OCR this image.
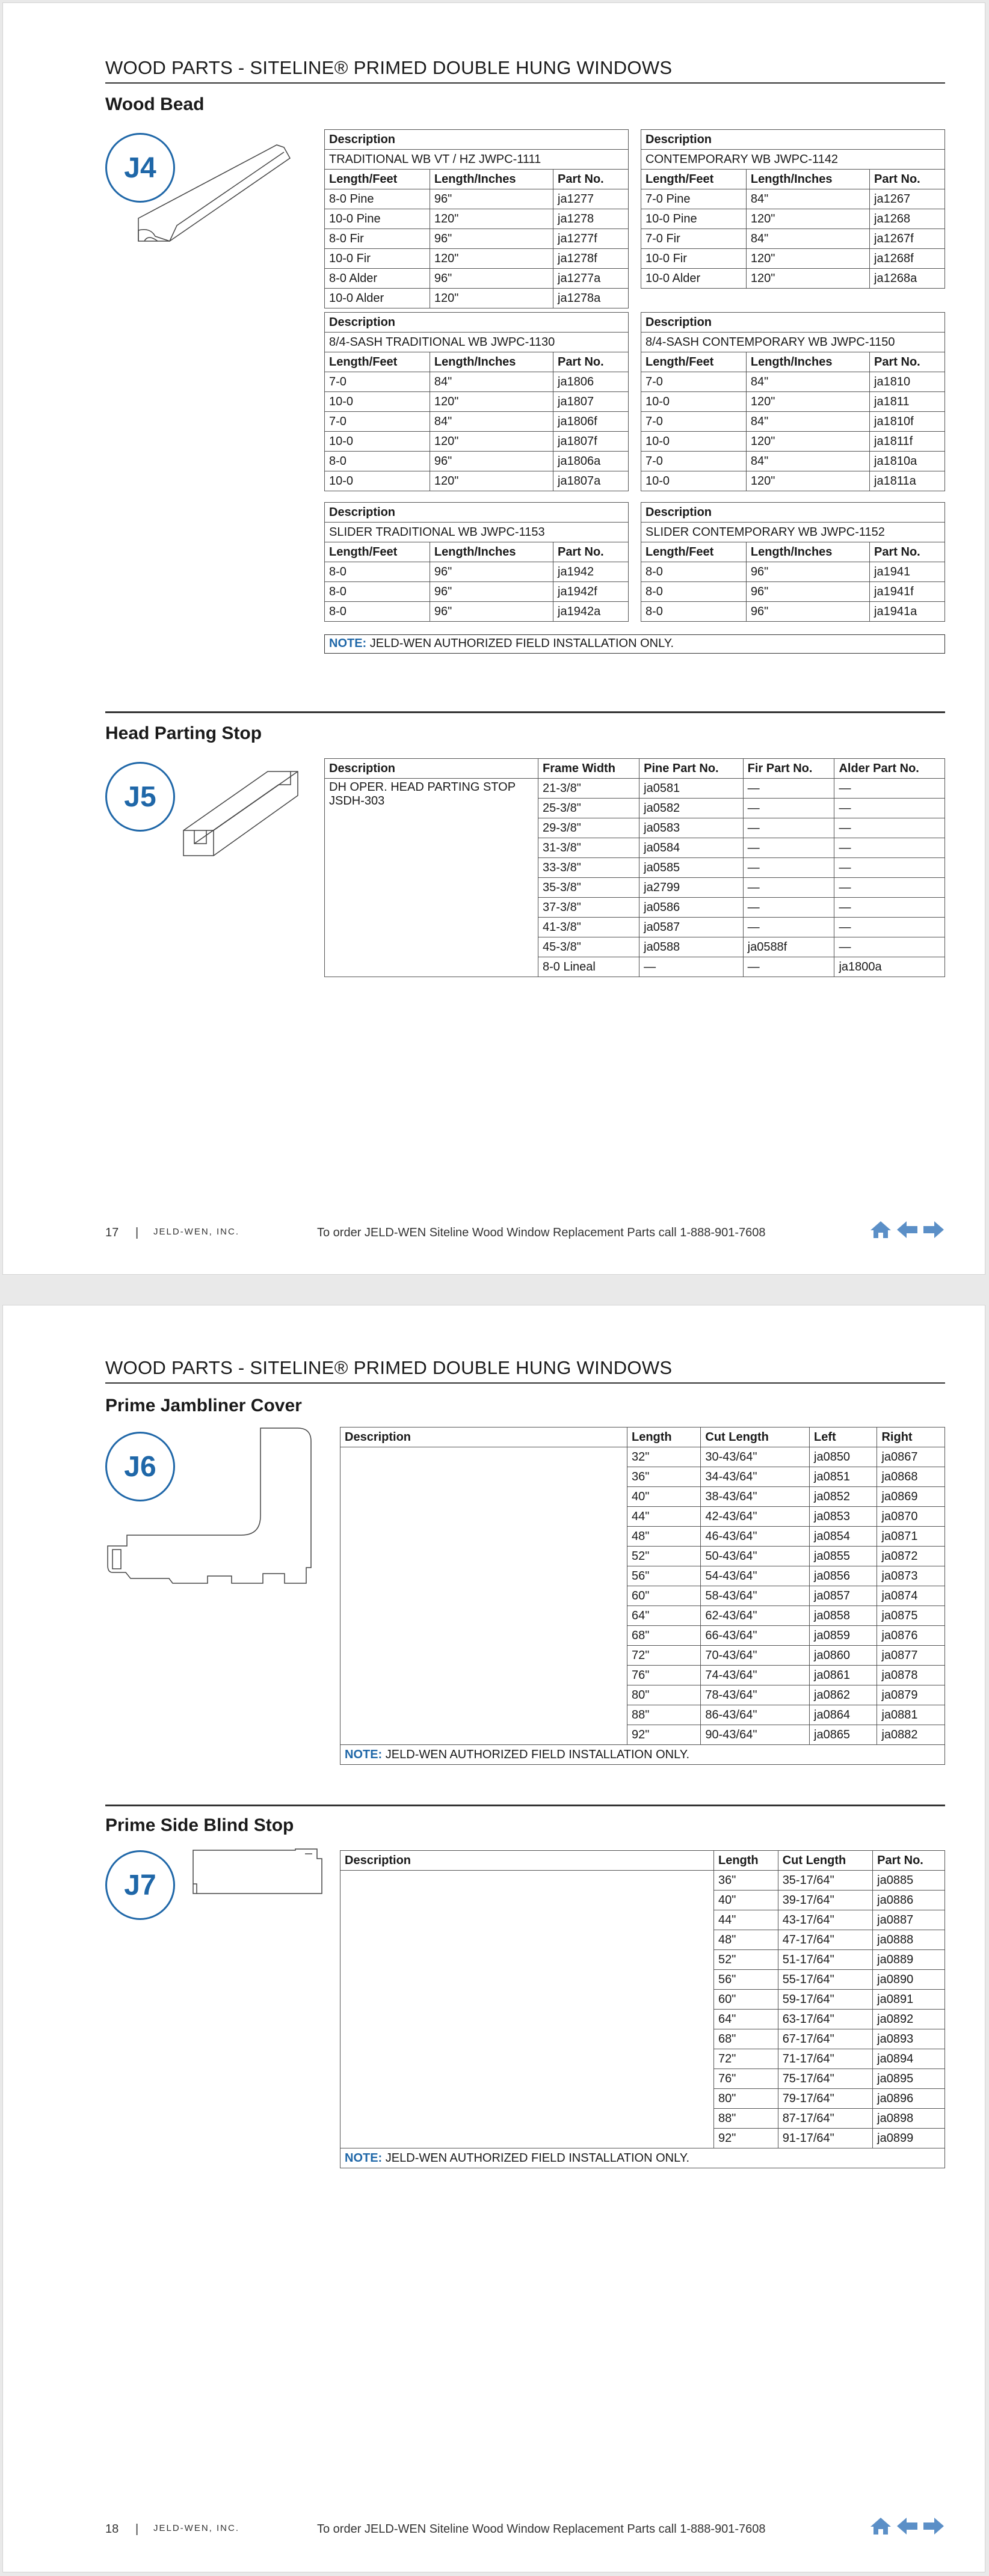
WOOD PARTS - SITELINE® PRIMED DOUBLE HUNG WINDOWS
Wood Bead
J4
Description		
TRADITIONAL WB VT / HZ JWPC-1111		
Length/Feet	Length/Inches	Part No.
8-0 Pine	96"	ja1277
10-0 Pine	120"	ja1278
8-0 Fir	96"	ja1277f
10-0 Fir	120"	ja1278f
8-0 Alder	96"	ja1277a
10-0 Alder	120"	ja1278a
Description		
CONTEMPORARY WB JWPC-1142		
Length/Feet	Length/Inches	Part No.
7-0 Pine	84"	ja1267
10-0 Pine	120"	ja1268
7-0 Fir	84"	ja1267f
10-0 Fir	120"	ja1268f
10-0 Alder	120"	ja1268a
Description		
8/4-SASH TRADITIONAL WB JWPC-1130		
Length/Feet	Length/Inches	Part No.
7-0	84"	ja1806
10-0	120"	ja1807
7-0	84"	ja1806f
10-0	120"	ja1807f
8-0	96"	ja1806a
10-0	120"	ja1807a
Description		
8/4-SASH CONTEMPORARY WB JWPC-1150		
Length/Feet	Length/Inches	Part No.
7-0	84"	ja1810
10-0	120"	ja1811
7-0	84"	ja1810f
10-0	120"	ja1811f
7-0	84"	ja1810a
10-0	120"	ja1811a
Description		
SLIDER TRADITIONAL WB JWPC-1153		
Length/Feet	Length/Inches	Part No.
8-0	96"	ja1942
8-0	96"	ja1942f
8-0	96"	ja1942a
Description		
SLIDER CONTEMPORARY WB JWPC-1152		
Length/Feet	Length/Inches	Part No.
8-0	96"	ja1941
8-0	96"	ja1941f
8-0	96"	ja1941a
NOTE: JELD-WEN AUTHORIZED FIELD INSTALLATION ONLY.
Head Parting Stop
J5
Description	Frame Width	Pine Part No.	Fir Part No.	Alder Part No.

DH OPER. HEAD PARTING STOP
JSDH-303	21-3/8"	ja0581	—	—
	25-3/8"	ja0582	—	—
	29-3/8"	ja0583	—	—
	31-3/8"	ja0584	—	—
	33-3/8"	ja0585	—	—
	35-3/8"	ja2799	—	—
	37-3/8"	ja0586	—	—
	41-3/8"	ja0587	—	—
	45-3/8"	ja0588	ja0588f	—
	8-0 Lineal	—	—	ja1800a
17 | JELD-WEN, INC.	To order JELD-WEN Siteline Wood Window Replacement Parts call 1-888-901-7608
WOOD PARTS - SITELINE® PRIMED DOUBLE HUNG WINDOWS
Prime Jambliner Cover
J6
Description	Length	Cut Length	Left	Right
	32"	30-43/64"	ja0850	ja0867
	36"	34-43/64"	ja0851	ja0868
	40"	38-43/64"	ja0852	ja0869
	44"	42-43/64"	ja0853	ja0870
	48"	46-43/64"	ja0854	ja0871
	52"	50-43/64"	ja0855	ja0872
	56"	54-43/64"	ja0856	ja0873
	60"	58-43/64"	ja0857	ja0874
	64"	62-43/64"	ja0858	ja0875
	68"	66-43/64"	ja0859	ja0876
	72"	70-43/64"	ja0860	ja0877
	76"	74-43/64"	ja0861	ja0878
	80"	78-43/64"	ja0862	ja0879
	88"	86-43/64"	ja0864	ja0881
	92"	90-43/64"	ja0865	ja0882
NOTE: JELD-WEN AUTHORIZED FIELD INSTALLATION ONLY.				
Prime Side Blind Stop
J7
Description	Length	Cut Length	Part No.
	36"	35-17/64"	ja0885
	40"	39-17/64"	ja0886
	44"	43-17/64"	ja0887
	48"	47-17/64"	ja0888
	52"	51-17/64"	ja0889
	56"	55-17/64"	ja0890
	60"	59-17/64"	ja0891
	64"	63-17/64"	ja0892
	68"	67-17/64"	ja0893
	72"	71-17/64"	ja0894
	76"	75-17/64"	ja0895
	80"	79-17/64"	ja0896
	88"	87-17/64"	ja0898
	92"	91-17/64"	ja0899
NOTE: JELD-WEN AUTHORIZED FIELD INSTALLATION ONLY.			
18 | JELD-WEN, INC.	To order JELD-WEN Siteline Wood Window Replacement Parts call 1-888-901-7608
